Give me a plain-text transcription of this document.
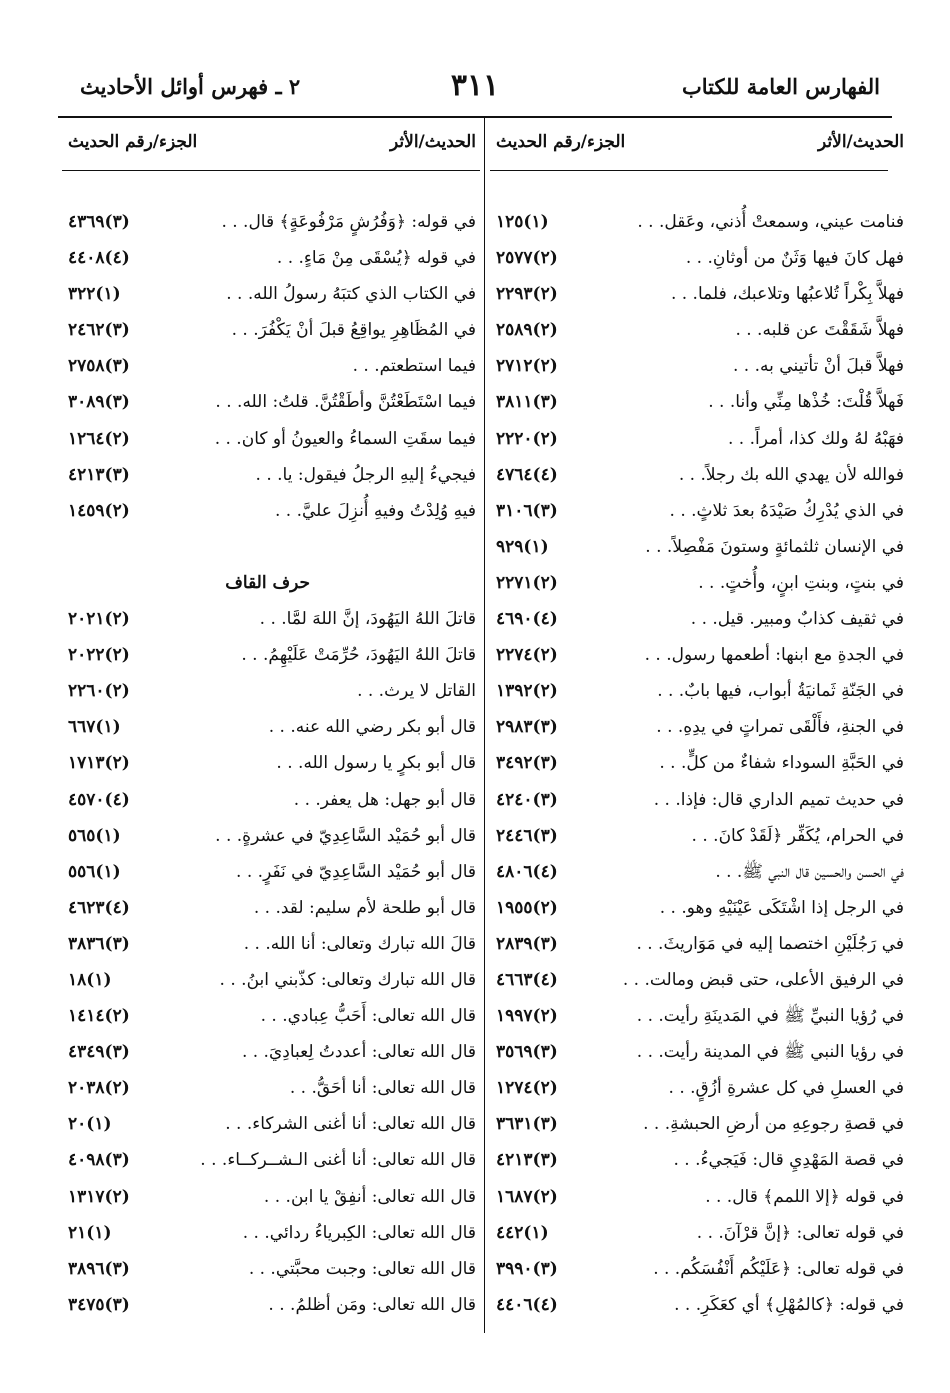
الفهارس العامة للكتاب
٣١١
٢ ـ فهرس أوائل الأحاديث
الحديث/الأثر
الجزء/رقم الحديث
فنامت عيني، وسمعتْ أُذني، وعَقل. . .
(١)١٢٥
فهل كانَ فيها وَثَنٌ من أوثانِ. . .
(٢)٢٥٧٧
فهلاَّ بِكْراً تُلاعبُها وتلاعبك، فلما. . .
(٢)٢٢٩٣
فهلاَّ شَقَقْتَ عن قلبه. . .
(٢)٢٥٨٩
فهلاَّ قبلَ أنْ تأتيني به. . .
(٢)٢٧١٢
فَهلاَّ قُلْتَ: خُذْها مِنِّي وأنا. . .
(٣)٣٨١١
فهَبْهُ لهُ ولك كذا، أمراً. . .
(٢)٢٢٢٠
فوالله لأن يهدي الله بك رجلاً. . .
(٤)٤٧٦٤
في الذي يُدْرِكُ صَيْدَهُ بعدَ ثلاثٍ. . .
(٣)٣١٠٦
في الإنسان ثلثمائةٍ وستونَ مَفْصِلاً. . .
(١)٩٢٩
في بنتٍ، وبنتِ ابنٍ، وأُختٍ. . .
(٢)٢٢٧١
في ثقيف كذابٌ ومبير. قيل. . .
(٤)٤٦٩٠
في الجدةِ مع ابنها: أطعمها رسول. . .
(٢)٢٢٧٤
في الجَنّةِ ثَمانيَةُ أبواب، فيها بابٌ. . .
(٢)١٣٩٢
في الجنةِ، فأَلْقَى تمراتٍ في يدِهِ. . .
(٣)٢٩٨٣
في الحَبَّةِ السوداء شفاءٌ من كلٍّ. . .
(٣)٣٤٩٢
في حديث تميم الداري قال: فإذا. . .
(٣)٤٢٤٠
في الحرام، يُكَفِّر ﴿لَقَدْ كانَ. . .
(٣)٢٤٤٦
في الحسن والحسين قال النبي ﷺ. . .
(٤)٤٨٠٦
في الرجل إذا اشْتَكَى عَيْنَيْهِ وهو. . .
(٢)١٩٥٥
في رَجُلَيْنِ اختصما إليه في مَوَاريثَ. . .
(٣)٢٨٣٩
في الرفيق الأعلى، حتى قبض ومالت. . .
(٤)٤٦٦٣
في رُؤيا النبيِّ ﷺ في المَدينَةِ رأيت. . .
(٢)١٩٩٧
في رؤيا النبي ﷺ في المدينة رأيت. . .
(٣)٣٥٦٩
في العسلِ في كل عشرةِ أزُقٍ. . .
(٢)١٢٧٤
في قصةِ رجوعِهِ من أرضِ الحبشةِ. . .
(٣)٣٦٣١
في قصة المَهْدِيِ قال: فَيَجيءُ. . .
(٣)٤٢١٣
في قوله ﴿إلا اللمم﴾ قال. . .
(٢)١٦٨٧
في قوله تعالى: ﴿إنَّ قرْآنَ. . .
(١)٤٤٢
في قوله تعالى: ﴿عَلَيْكُم أَنْفُسَكُم. . .
(٣)٣٩٩٠
في قوله: ﴿كالمُهْلِ﴾ أي كعَكَرِ. . .
(٤)٤٤٠٦
الحديث/الأثر
الجزء/رقم الحديث
في قوله: ﴿وَفُرُشٍ مَرْفُوعَةٍ﴾ قال. . .
(٣)٤٣٦٩
في قوله ﴿يُسْقَى مِنْ مَاءٍ. . .
(٤)٤٤٠٨
في الكتاب الذي كتبَهُ رسولُ الله. . .
(١)٣٢٢
في المُظَاهِرِ يواقِعُ قبلَ أنْ يَكْفُرَ. . .
(٣)٢٤٦٢
فيما استطعتم. . .
(٣)٢٧٥٨
فيما اسْتَطَعْتُنَّ وأطَقْتُنَّ. قلتُ: الله. . .
(٣)٣٠٨٩
فيما سقَتِ السماءُ والعيونُ أو كان. . .
(٢)١٢٦٤
فيجيءُ إليهِ الرجلُ فيقول: يا. . .
(٣)٤٢١٣
فيهِ وُلِدْتُ وفيهِ أُنزِلَ عليَّ. . .
(٢)١٤٥٩
حرف القاف
قاتلَ اللهُ اليَهُودَ، إنَّ اللهَ لمَّا. . .
(٢)٢٠٢١
قاتلَ اللهُ اليَهُودَ، حُرِّمَتْ عَلَيْهِمُ. . .
(٢)٢٠٢٢
القاتل لا يرث. . .
(٢)٢٢٦٠
قال أبو بكر رضي الله عنه. . .
(١)٦٦٧
قال أبو بكرٍ يا رسول الله. . .
(٢)١٧١٣
قال أبو جهل: هل يعفر. . .
(٤)٤٥٧٠
قال أبو حُمَيْد السَّاعِدِيّ في عشرةٍ. . .
(١)٥٦٥
قال أبو حُمَيْد السَّاعِدِيّ في نَفَرٍ. . .
(١)٥٥٦
قال أبو طلحة لأم سليم: لقد. . .
(٤)٤٦٢٣
قالَ الله تبارك وتعالى: أنا الله. . .
(٣)٣٨٣٦
قال الله تبارك وتعالى: كذّبني ابنُ. . .
(١)١٨
قال الله تعالى: أَحَبُّ عِبادي. . .
(٢)١٤١٤
قال الله تعالى: أعددتُ لِعبادِيَ. . .
(٣)٤٣٤٩
قال الله تعالى: أنا أحَقُّ. . .
(٢)٢٠٣٨
قال الله تعالى: أنا أغنى الشركاء. . .
(١)٢٠
قال الله تعالى: أنا أغنى الـشــركــاء. . .
(٣)٤٠٩٨
قال الله تعالى: أنفِقْ يا ابن. . .
(٢)١٣١٧
قال الله تعالى: الكِبرياءُ ردائي. . .
(١)٢١
قال الله تعالى: وجبت محبَّتي. . .
(٣)٣٨٩٦
قال الله تعالى: ومَن أظلمُ. . .
(٣)٣٤٧٥
